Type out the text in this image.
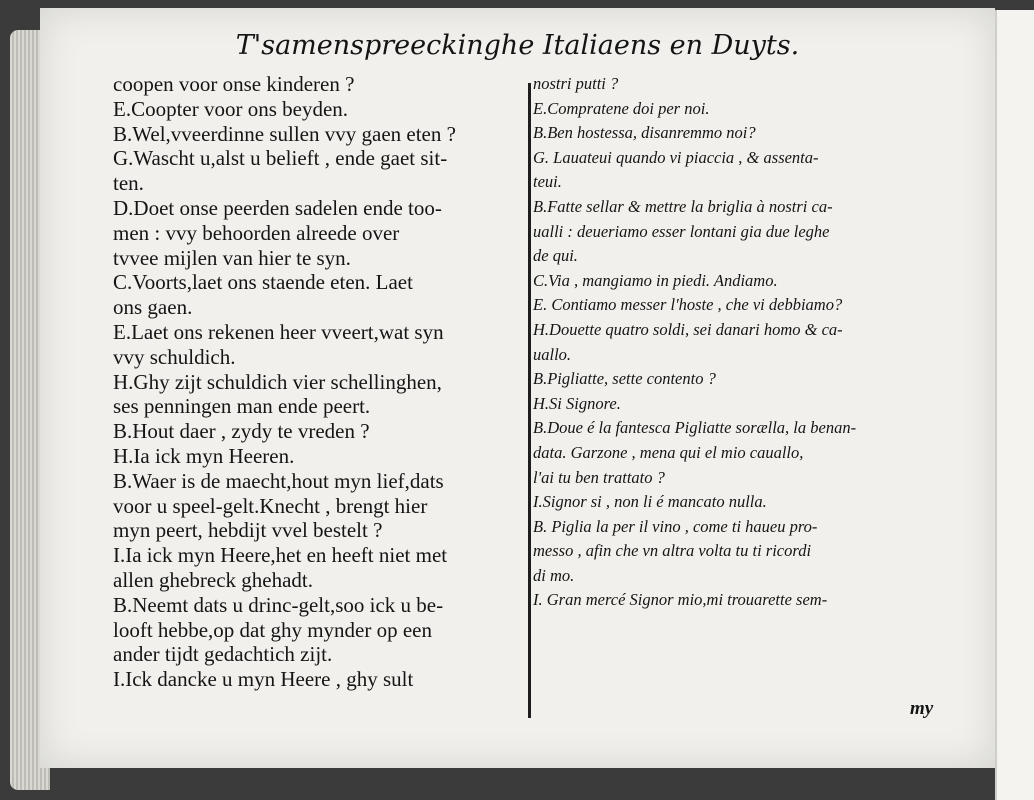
T'samenspreeckinghe Italiaens en Duyts.
coopen voor onse kinderen ?
E.Coopter voor ons beyden.
B.Wel,vveerdinne sullen vvy gaen eten ?
G.Wascht u,alst u belieft , ende gaet sit-
ten.
D.Doet onse peerden sadelen ende too-
men : vvy behoorden alreede over
tvvee mijlen van hier te syn.
C.Voorts,laet ons staende eten. Laet
ons gaen.
E.Laet ons rekenen heer vveert,wat syn
vvy schuldich.
H.Ghy zijt schuldich vier schellinghen,
ses penningen man ende peert.
B.Hout daer , zydy te vreden ?
H.Ia ick myn Heeren.
B.Waer is de maecht,hout myn lief,dats
voor u speel-gelt.Knecht , brengt hier
myn peert, hebdijt vvel bestelt ?
I.Ia ick myn Heere,het en heeft niet met
allen ghebreck ghehadt.
B.Neemt dats u drinc-gelt,soo ick u be-
looft hebbe,op dat ghy mynder op een
ander tijdt gedachtich zijt.
I.Ick dancke u myn Heere , ghy sult
nostri putti ?
E.Compratene doi per noi.
B.Ben hostessa, disanremmo noi?
G. Lauateui quando vi piaccia , & assenta-
teui.
B.Fatte sellar & mettre la briglia à nostri ca-
ualli : deueriamo esser lontani gia due leghe
de qui.
C.Via , mangiamo in piedi. Andiamo.
E. Contiamo messer l'hoste , che vi debbiamo?
H.Douette quatro soldi, sei danari homo & ca-
uallo.
B.Pigliatte, sette contento ?
H.Si Signore.
B.Doue é la fantesca Pigliatte sorælla, la benan-
data. Garzone , mena qui el mio cauallo,
l'ai tu ben trattato ?
I.Signor si , non li é mancato nulla.
B. Piglia la per il vino , come ti haueu pro-
messo , afin che vn altra volta tu ti ricordi
di mo.
I. Gran mercé Signor mio,mi trouarette sem-
my
